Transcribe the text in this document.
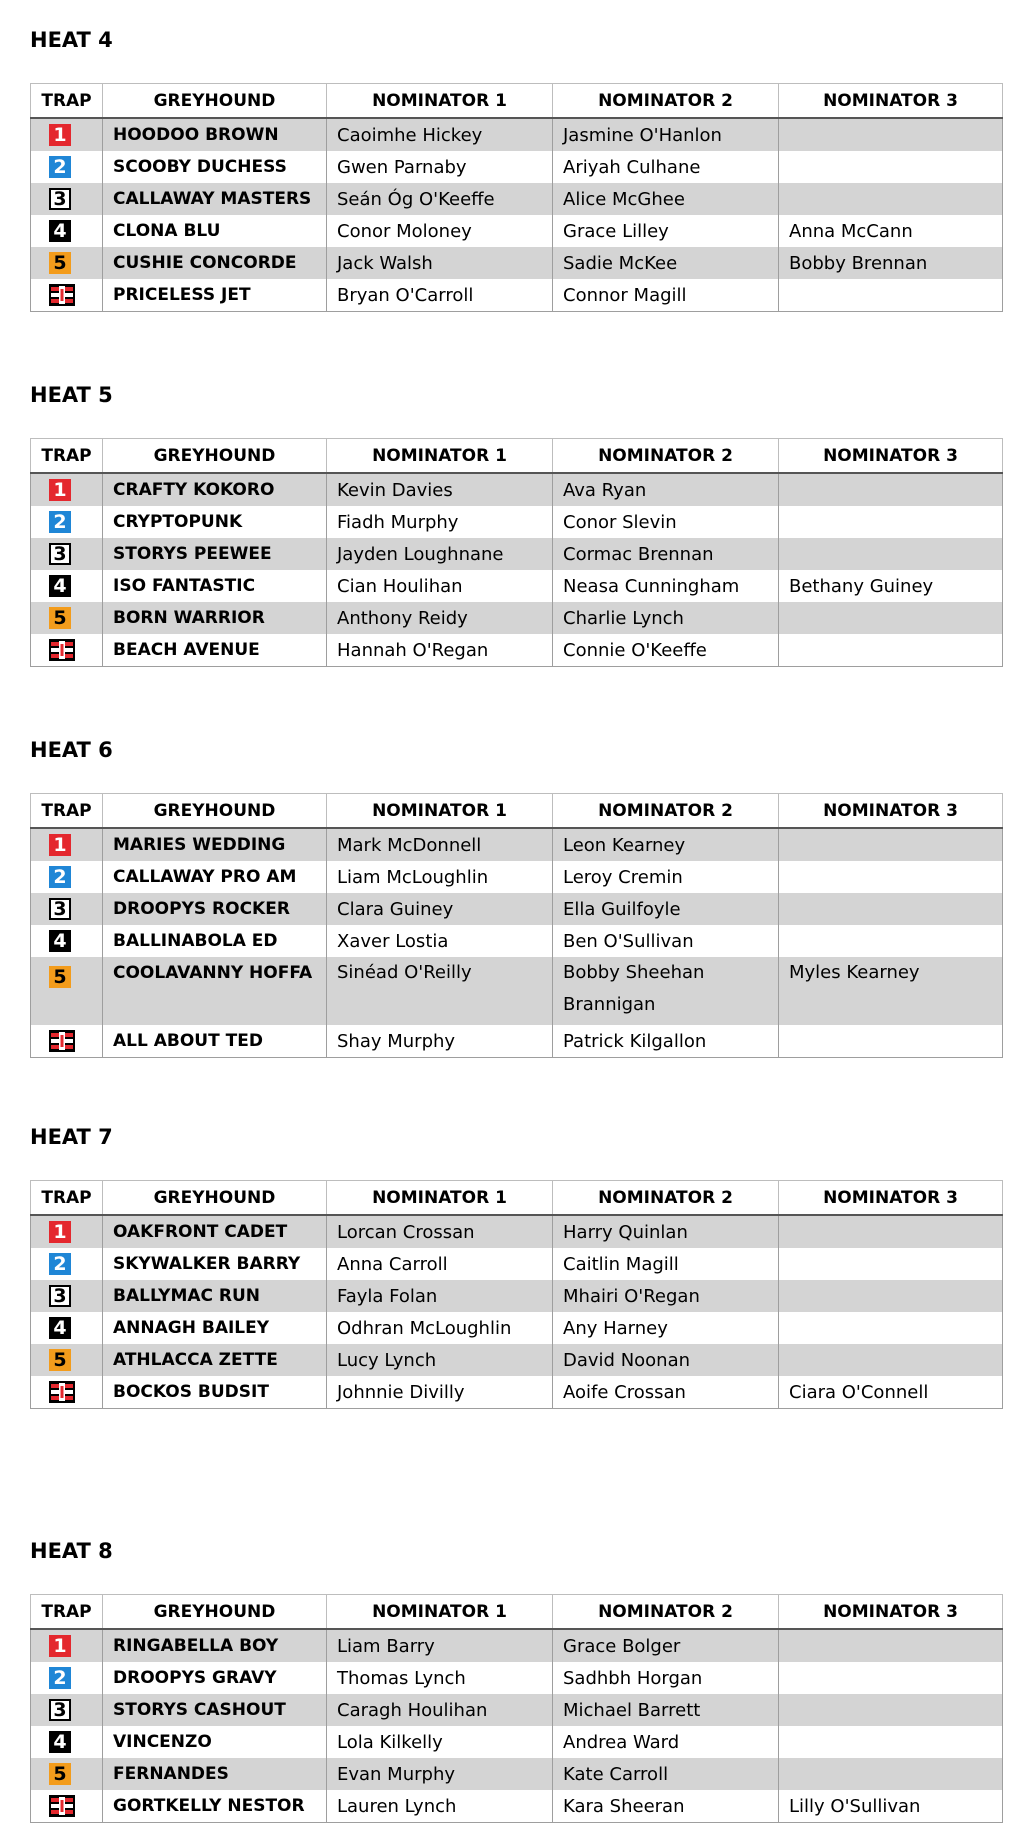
HEAT 4
TRAP	GREYHOUND	NOMINATOR 1	NOMINATOR 2	NOMINATOR 3
1	HOODOO BROWN	Caoimhe Hickey	Jasmine O'Hanlon	
2	SCOOBY DUCHESS	Gwen Parnaby	Ariyah Culhane	
3	CALLAWAY MASTERS	Seán Óg O'Keeffe	Alice McGhee	
4	CLONA BLU	Conor Moloney	Grace Lilley	Anna McCann
5	CUSHIE CONCORDE	Jack Walsh	Sadie McKee	Bobby Brennan

	PRICELESS JET	Bryan O'Carroll	Connor Magill	
HEAT 5
TRAP	GREYHOUND	NOMINATOR 1	NOMINATOR 2	NOMINATOR 3
1	CRAFTY KOKORO	Kevin Davies	Ava Ryan	
2	CRYPTOPUNK	Fiadh Murphy	Conor Slevin	
3	STORYS PEEWEE	Jayden Loughnane	Cormac Brennan	
4	ISO FANTASTIC	Cian Houlihan	Neasa Cunningham	Bethany Guiney
5	BORN WARRIOR	Anthony Reidy	Charlie Lynch	

	BEACH AVENUE	Hannah O'Regan	Connie O'Keeffe	
HEAT 6
TRAP	GREYHOUND	NOMINATOR 1	NOMINATOR 2	NOMINATOR 3
1	MARIES WEDDING	Mark McDonnell	Leon Kearney	
2	CALLAWAY PRO AM	Liam McLoughlin	Leroy Cremin	
3	DROOPYS ROCKER	Clara Guiney	Ella Guilfoyle	
4	BALLINABOLA ED	Xaver Lostia	Ben O'Sullivan	
5	COOLAVANNY HOFFA	Sinéad O'Reilly	Bobby Sheehan Brannigan	Myles Kearney

	ALL ABOUT TED	Shay Murphy	Patrick Kilgallon	
HEAT 7
TRAP	GREYHOUND	NOMINATOR 1	NOMINATOR 2	NOMINATOR 3
1	OAKFRONT CADET	Lorcan Crossan	Harry Quinlan	
2	SKYWALKER BARRY	Anna Carroll	Caitlin Magill	
3	BALLYMAC RUN	Fayla Folan	Mhairi O'Regan	
4	ANNAGH BAILEY	Odhran McLoughlin	Any Harney	
5	ATHLACCA ZETTE	Lucy Lynch	David Noonan	

	BOCKOS BUDSIT	Johnnie Divilly	Aoife Crossan	Ciara O'Connell
HEAT 8
TRAP	GREYHOUND	NOMINATOR 1	NOMINATOR 2	NOMINATOR 3
1	RINGABELLA BOY	Liam Barry	Grace Bolger	
2	DROOPYS GRAVY	Thomas Lynch	Sadhbh Horgan	
3	STORYS CASHOUT	Caragh Houlihan	Michael Barrett	
4	VINCENZO	Lola Kilkelly	Andrea Ward	
5	FERNANDES	Evan Murphy	Kate Carroll	

	GORTKELLY NESTOR	Lauren Lynch	Kara Sheeran	Lilly O'Sullivan
